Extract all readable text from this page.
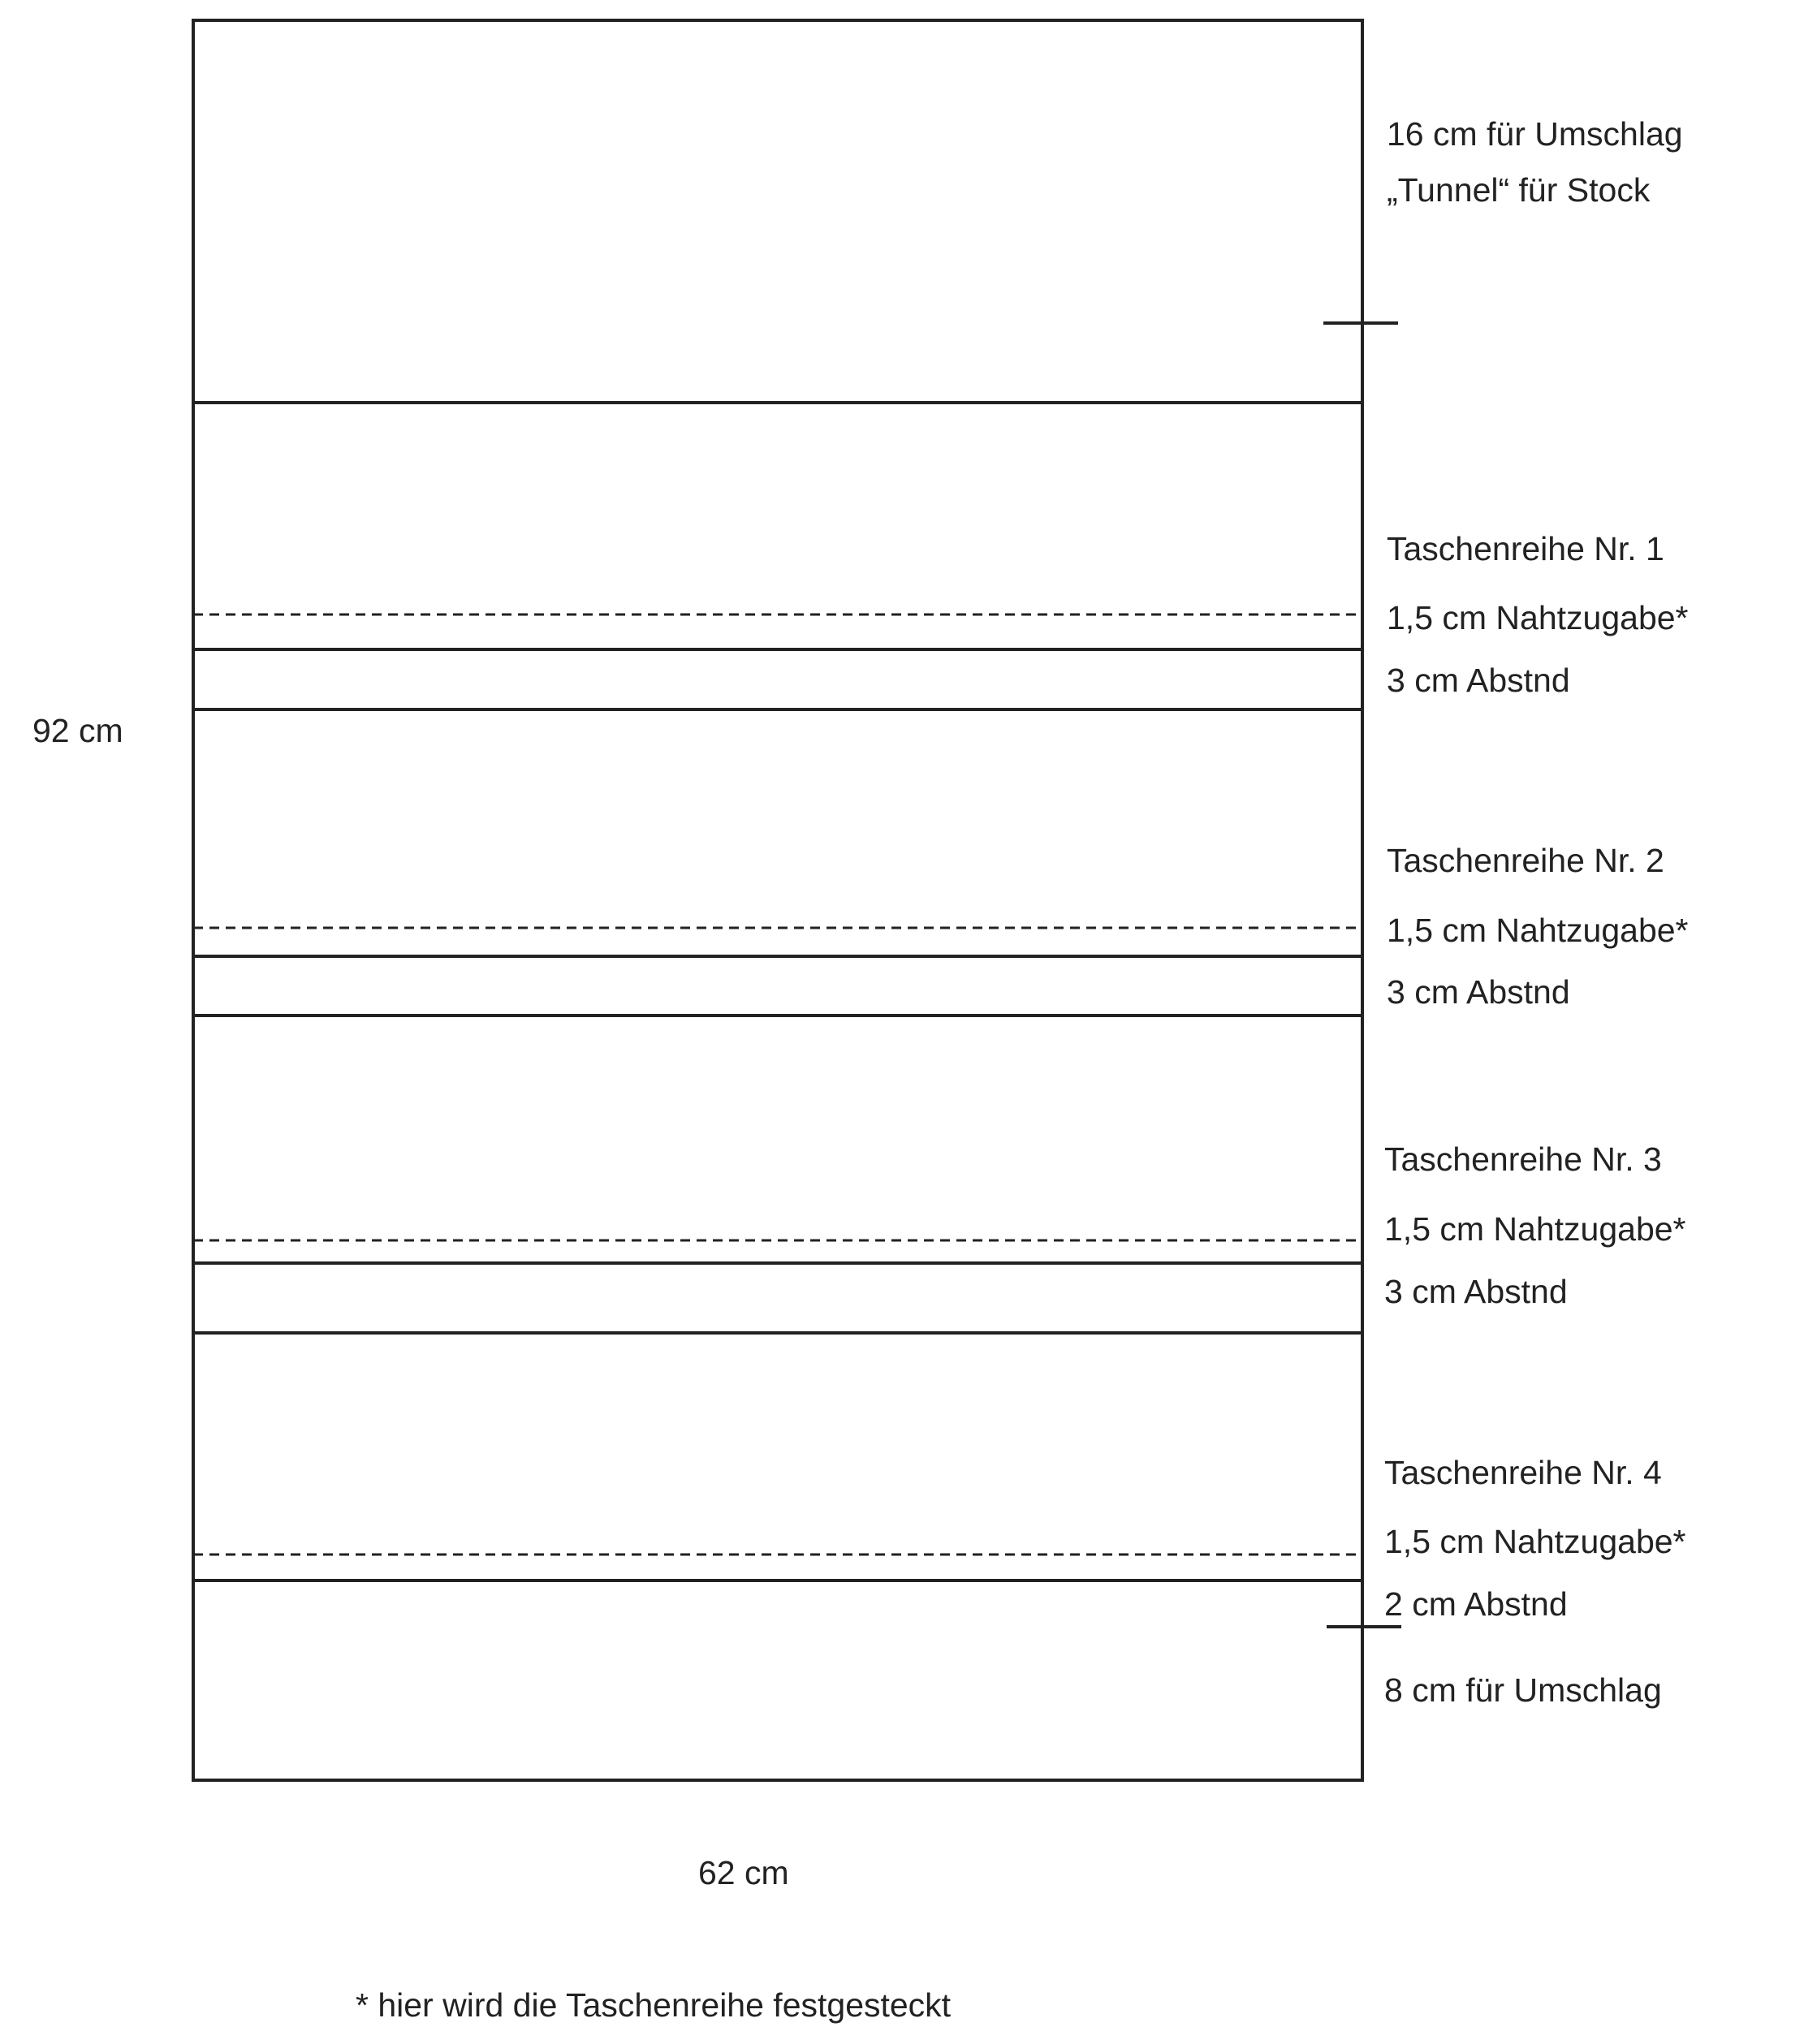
92 cm
62 cm
* hier wird die Taschenreihe festgesteckt
16 cm für Umschlag
„Tunnel“ für Stock
Taschenreihe Nr. 1
1,5 cm Nahtzugabe*
3 cm Abstnd
Taschenreihe Nr. 2
1,5 cm Nahtzugabe*
3 cm Abstnd
Taschenreihe Nr. 3
1,5 cm Nahtzugabe*
3 cm Abstnd
Taschenreihe Nr. 4
1,5 cm Nahtzugabe*
2 cm Abstnd
8 cm für Umschlag
